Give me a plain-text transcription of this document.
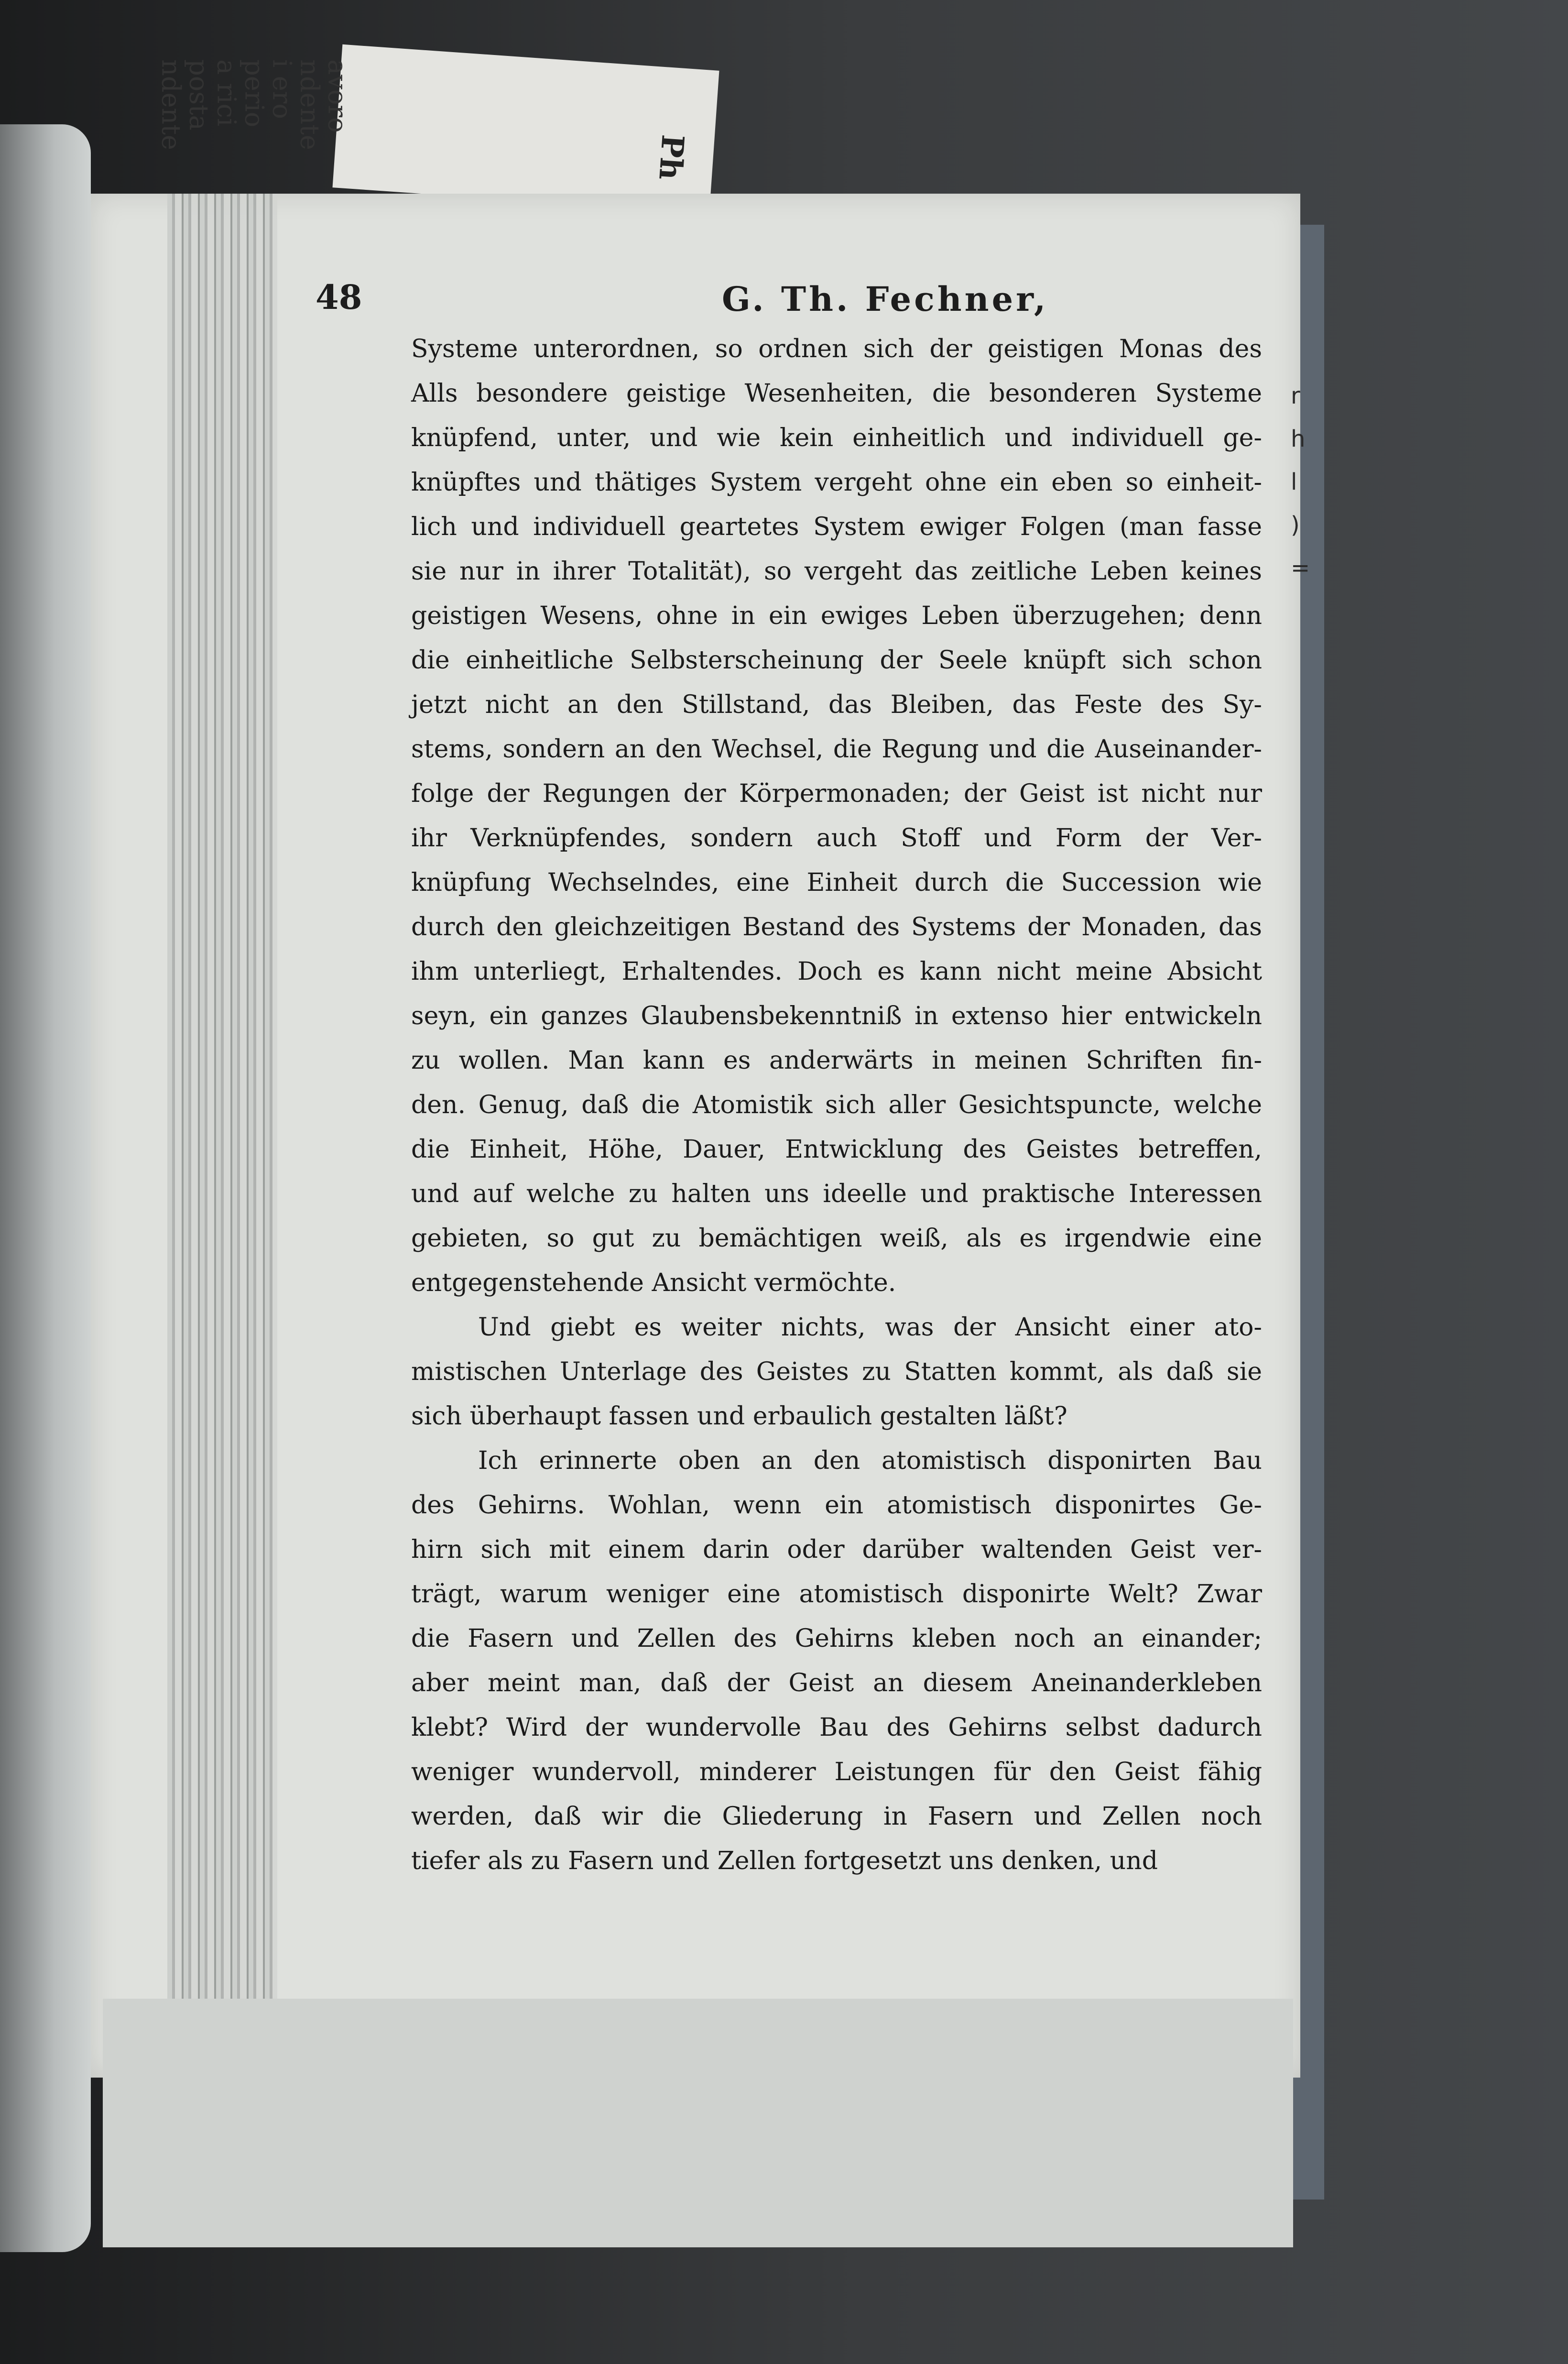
avoro
ndente
i ero
perio
a rici
posta
ndente
Ph
48	G. Th. Fechner,
Systeme unterordnen, so ordnen sich der geistigen Monas des
Alls besondere geistige Wesenheiten, die besonderen Systeme
knüpfend, unter, und wie kein einheitlich und individuell ge-
knüpftes und thätiges System vergeht ohne ein eben so einheit-
lich und individuell geartetes System ewiger Folgen (man fasse
sie nur in ihrer Totalität), so vergeht das zeitliche Leben keines
geistigen Wesens, ohne in ein ewiges Leben überzugehen; denn
die einheitliche Selbsterscheinung der Seele knüpft sich schon
jetzt nicht an den Stillstand, das Bleiben, das Feste des Sy-
stems, sondern an den Wechsel, die Regung und die Auseinander-
folge der Regungen der Körpermonaden; der Geist ist nicht nur
ihr Verknüpfendes, sondern auch Stoff und Form der Ver-
knüpfung Wechselndes, eine Einheit durch die Succession wie
durch den gleichzeitigen Bestand des Systems der Monaden, das
ihm unterliegt, Erhaltendes. Doch es kann nicht meine Absicht
seyn, ein ganzes Glaubensbekenntniß in extenso hier entwickeln
zu wollen. Man kann es anderwärts in meinen Schriften fin-
den. Genug, daß die Atomistik sich aller Gesichtspuncte, welche
die Einheit, Höhe, Dauer, Entwicklung des Geistes betreffen,
und auf welche zu halten uns ideelle und praktische Interessen
gebieten, so gut zu bemächtigen weiß, als es irgendwie eine
entgegenstehende Ansicht vermöchte.
Und giebt es weiter nichts, was der Ansicht einer ato-
mistischen Unterlage des Geistes zu Statten kommt, als daß sie
sich überhaupt fassen und erbaulich gestalten läßt?
Ich erinnerte oben an den atomistisch disponirten Bau
des Gehirns. Wohlan, wenn ein atomistisch disponirtes Ge-
hirn sich mit einem darin oder darüber waltenden Geist ver-
trägt, warum weniger eine atomistisch disponirte Welt? Zwar
die Fasern und Zellen des Gehirns kleben noch an einander;
aber meint man, daß der Geist an diesem Aneinanderkleben
klebt? Wird der wundervolle Bau des Gehirns selbst dadurch
weniger wundervoll, minderer Leistungen für den Geist fähig
werden, daß wir die Gliederung in Fasern und Zellen noch
tiefer als zu Fasern und Zellen fortgesetzt uns denken, und
r
h
l
)
=
